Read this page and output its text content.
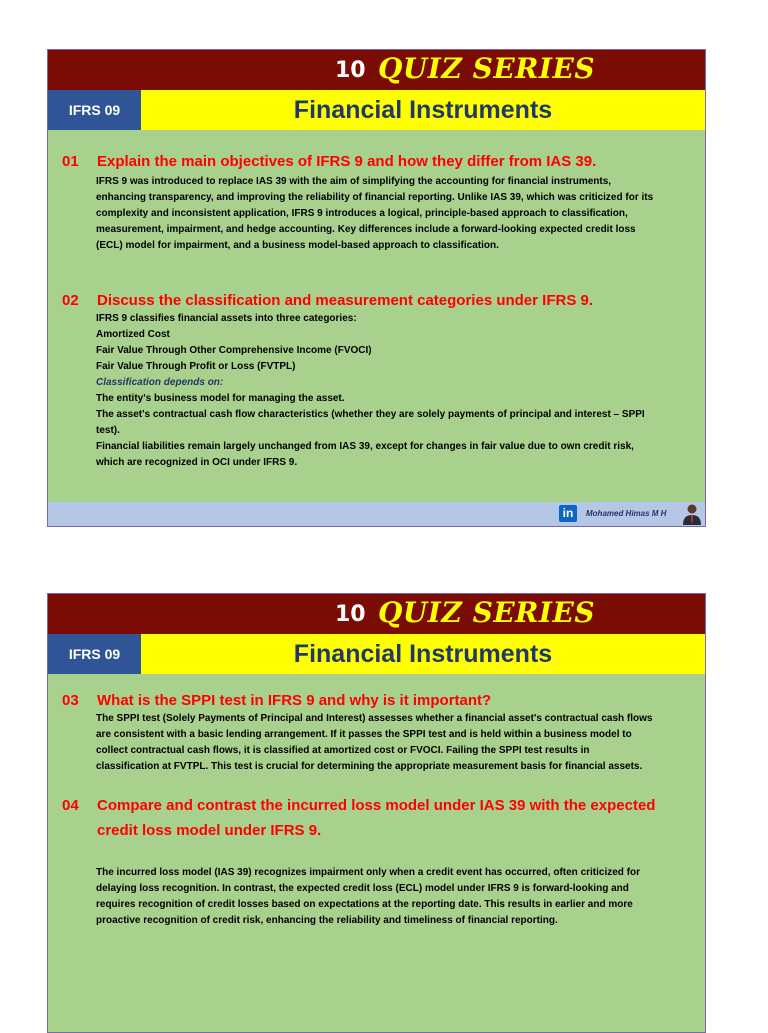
10 QUIZ SERIES
IFRS 09	Financial Instruments
01	Explain the main objectives of IFRS 9 and how they differ from IAS 39.
IFRS 9 was introduced to replace IAS 39 with the aim of simplifying the accounting for financial instruments, enhancing transparency, and improving the reliability of financial reporting. Unlike IAS 39, which was criticized for its complexity and inconsistent application, IFRS 9 introduces a logical, principle-based approach to classification, measurement, impairment, and hedge accounting. Key differences include a forward-looking expected credit loss (ECL) model for impairment, and a business model-based approach to classification.
02	Discuss the classification and measurement categories under IFRS 9.
IFRS 9 classifies financial assets into three categories:
Amortized Cost
Fair Value Through Other Comprehensive Income (FVOCI)
Fair Value Through Profit or Loss (FVTPL)
Classification depends on:
The entity's business model for managing the asset.
The asset's contractual cash flow characteristics (whether they are solely payments of principal and interest – SPPI test).
Financial liabilities remain largely unchanged from IAS 39, except for changes in fair value due to own credit risk, which are recognized in OCI under IFRS 9.
in	Mohamed Himas M H
10 QUIZ SERIES
IFRS 09	Financial Instruments
03	What is the SPPI test in IFRS 9 and why is it important?
The SPPI test (Solely Payments of Principal and Interest) assesses whether a financial asset's contractual cash flows are consistent with a basic lending arrangement. If it passes the SPPI test and is held within a business model to collect contractual cash flows, it is classified at amortized cost or FVOCI. Failing the SPPI test results in classification at FVTPL. This test is crucial for determining the appropriate measurement basis for financial assets.
04	Compare and contrast the incurred loss model under IAS 39 with the expected credit loss model under IFRS 9.
The incurred loss model (IAS 39) recognizes impairment only when a credit event has occurred, often criticized for delaying loss recognition. In contrast, the expected credit loss (ECL) model under IFRS 9 is forward-looking and requires recognition of credit losses based on expectations at the reporting date. This results in earlier and more proactive recognition of credit risk, enhancing the reliability and timeliness of financial reporting.
